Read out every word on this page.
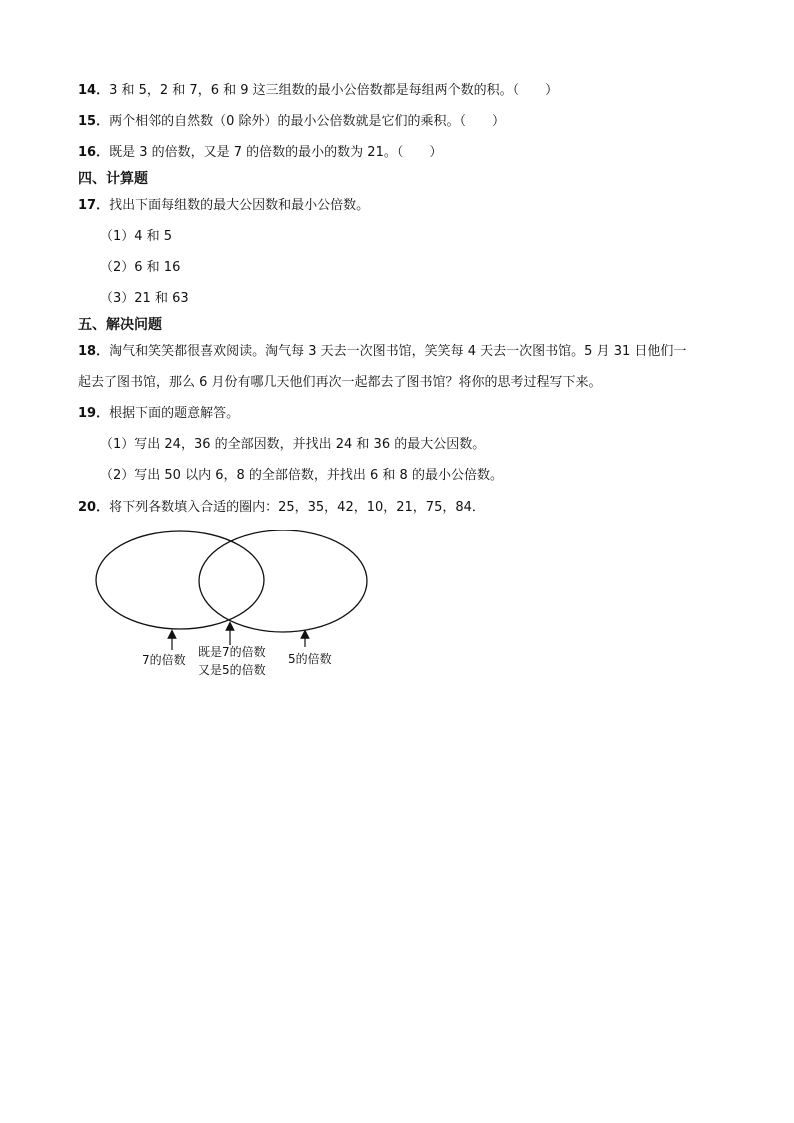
14．3 和 5，2 和 7，6 和 9 这三组数的最小公倍数都是每组两个数的积。（　　）
15．两个相邻的自然数（0 除外）的最小公倍数就是它们的乘积。（　　）
16．既是 3 的倍数，又是 7 的倍数的最小的数为 21。（　　）
四、计算题
17．找出下面每组数的最大公因数和最小公倍数。
（1）4 和 5
（2）6 和 16
（3）21 和 63
五、解决问题
18．淘气和笑笑都很喜欢阅读。淘气每 3 天去一次图书馆，笑笑每 4 天去一次图书馆。5 月 31 日他们一
起去了图书馆，那么 6 月份有哪几天他们再次一起都去了图书馆？将你的思考过程写下来。
19．根据下面的题意解答。
（1）写出 24，36 的全部因数，并找出 24 和 36 的最大公因数。
（2）写出 50 以内 6，8 的全部倍数，并找出 6 和 8 的最小公倍数。
20．将下列各数填入合适的圈内：25，35，42，10，21，75，84．
7的倍数
既是7的倍数
又是5的倍数
5的倍数
